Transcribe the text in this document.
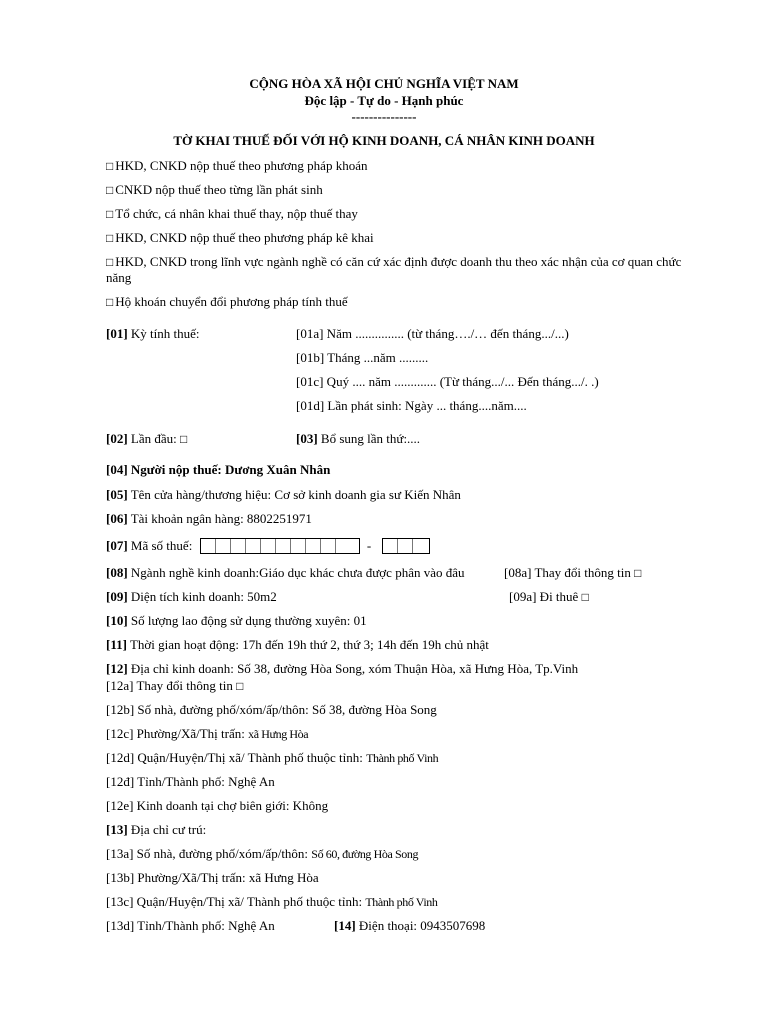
CỘNG HÒA XÃ HỘI CHỦ NGHĨA VIỆT NAM
Độc lập - Tự do - Hạnh phúc
---------------
TỜ KHAI THUẾ ĐỐI VỚI HỘ KINH DOANH, CÁ NHÂN KINH DOANH
□ HKD, CNKD nộp thuế theo phương pháp khoán
□ CNKD nộp thuế theo từng lần phát sinh
□ Tổ chức, cá nhân khai thuế thay, nộp thuế thay
□ HKD, CNKD nộp thuế theo phương pháp kê khai
□ HKD, CNKD trong lĩnh vực ngành nghề có căn cứ xác định được doanh thu theo xác nhận của cơ quan chức năng
□ Hộ khoán chuyển đổi phương pháp tính thuế
[01] Kỳ tính thuế:	[01a] Năm ............... (từ tháng…./… đến tháng.../...)
[01b] Tháng ...năm .........
[01c] Quý .... năm ............. (Từ tháng.../... Đến tháng.../. .)
[01d] Lần phát sinh: Ngày ... tháng....năm....
[02] Lần đầu: □	[03] Bổ sung lần thứ:....
[04] Người nộp thuế: Dương Xuân Nhân
[05] Tên cửa hàng/thương hiệu: Cơ sở kinh doanh gia sư Kiến Nhân
[06] Tài khoản ngân hàng: 8802251971
[07] Mã số thuế:	-
[08] Ngành nghề kinh doanh:Giáo dục khác chưa được phân vào đâu	[08a] Thay đổi thông tin □
[09] Diện tích kinh doanh: 50m2	[09a] Đi thuê □
[10] Số lượng lao động sử dụng thường xuyên: 01
[11] Thời gian hoạt động: 17h đến 19h thứ 2, thứ 3; 14h đến 19h chủ nhật
[12] Địa chỉ kinh doanh: Số 38, đường Hòa Song, xóm Thuận Hòa, xã Hưng Hòa, Tp.Vinh
[12a] Thay đổi thông tin □
[12b] Số nhà, đường phố/xóm/ấp/thôn: Số 38, đường Hòa Song
[12c] Phường/Xã/Thị trấn: xã Hưng Hòa
[12d] Quận/Huyện/Thị xã/ Thành phố thuộc tỉnh: Thành phố Vinh
[12đ] Tỉnh/Thành phố: Nghệ An
[12e] Kinh doanh tại chợ biên giới: Không
[13] Địa chỉ cư trú:
[13a] Số nhà, đường phố/xóm/ấp/thôn: Số 60, đường Hòa Song
[13b] Phường/Xã/Thị trấn: xã Hưng Hòa
[13c] Quận/Huyện/Thị xã/ Thành phố thuộc tỉnh: Thành phố Vinh
[13d] Tỉnh/Thành phố: Nghệ An	[14] Điện thoại: 0943507698
